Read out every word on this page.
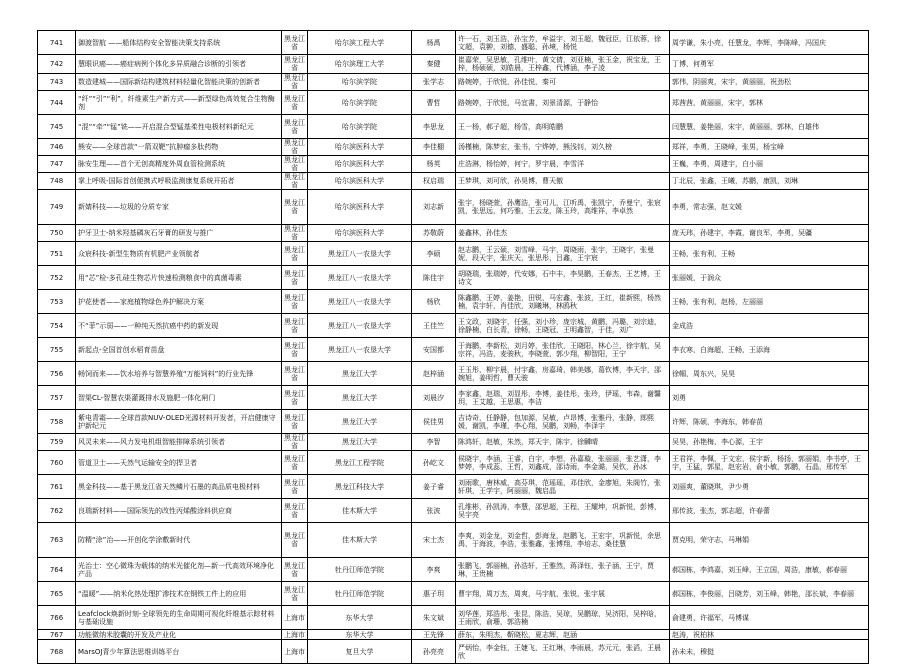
741	御渡智航 ——船体结构安全智能决策支持系统	黑龙江省	哈尔滨工程大学	杨禹	许一石，刘玉浩，孙宝芳，牟溢宇，刘玉超，魏冠臣，江依蓉，徐文超，袁翀，刘德，盛聪，孙境，杨悦	周学谦，朱小亮，任慧龙，李辉，李陈峰，冯国庆
742	慧眼识癌——癌症病例个体化多异质融合诊断的引领者	黑龙江省	哈尔滨理工大学	秦健	崔嘉荣，吴思敏，孔维叶，黄文倩，刘亚楠，张玉金，祝宝龙，王梓，杨硕硕，刘皓晨，王梓鑫，代博涵，李子凌	丁博，何勇军
743	数造建城——国际新结构建筑材料轻量化智能决策的创新者	黑龙江省	哈尔滨学院	张学志	路婉婷，于欣悦，孙佳悦，秦可	郭伟，阴丽爽，宋宇，黄丽丽，祝劲松
744	“纤”“引”“利”，纤维素生产新方式——新型绿色高效复合生物酶剂	黑龙江省	哈尔滨学院	曹哲	路婉婷，于欣悦，马宜書，刘景清源，于静怡	郑茜茜，黄丽丽，宋宇，郭林
745	“混”“牵”“锰”铣——开启混合型锰基柔性电极材料新纪元	黑龙江省	哈尔滨学院	李思龙	王一杨，郝子超，杨雪，高明皓鹏	闫慧慧，姜艳丽，宋宇，黄丽丽，郭林，白雄伟
746	熊安——全球首款“一箭双靶”抗肿瘤多肽药物	黑龙江省	哈尔滨医科大学	李佳棚	汤槿楠，陈梦宏，张书，宁烨婷，熊浅钊，刘久榜	郑祥，李勇，王晓峰，张男，杨宝峰
747	脉安生理——首个无创高精度外周血管检测系统	黑龙江省	哈尔滨医科大学	杨英	庄浩淋，杨怡婷，何宁，罗宇晨，李雪洋	王巍，李勇，周建宇，白小丽
748	掌上呼吸-国际首创便携式呼吸监测康复系统开拓者	黑龙江省	哈尔滨医科大学	权启瑞	王梦琪，刘可欣，孙昊博，曹天傲	丁北辰，张鑫，王曦，苏鹏，康凯，刘琳
749	新婧科技——垃圾的分质专家	黑龙江省	哈尔滨医科大学	刘志新	张宇，杨晓萱，孙鹰浩，张可儿，江听禹，张凯宁，乔曼宁，张宸凯，张思远，何巧雅，王云龙，陈玉玲，高维祥，李卓然	李勇，常志强，赵文媛
750	护牙卫士-纳米羟基磷灰石牙膏的研发与推广	黑龙江省	哈尔滨医科大学	苏敬蔚	姜鑫林，孙佳杰	庞天玮，孙建宇，李霞，谢良军，李勇，吴疆
751	众宸科技-新型生物质有机肥产业领航者	黑龙江省	黑龙江八一农垦大学	李硕	赵志鹏，王云硕，刘雪峰，马宇，周晓雨，张宇，王晓宇，张曼妮，段天宇，张庆天，张思彤，吕鑫，王宇宸	王畅，张有利，王畅
752	用“芯”检-多孔硅生物芯片快速检测粮食中的真菌毒素	黑龙江省	黑龙江八一农垦大学	陈佳宇	胡晓瑞，张瑞婷，代安娜，石中丰，李昊鹏，王春杰，王艺博，王诗文	张丽媛，于润众
753	护花使者——家庭植物绿色养护解决方案	黑龙江省	黑龙江八一农垦大学	杨欣	陈鑫鹏，王婷，姜艳，田锐，马宏鑫，张波，王红，崔新熙，杨然楠，袁宇轩，肖佳欣，刘曦琳，林鸥秋	王畅，张有利，赵杨，左丽丽
754	不“菲”示弱——一种纯天然抗癌中药的新发现	黑龙江省	黑龙江八一农垦大学	王佳竺	王文政，刘晓宇，任强，刘小珍，庞宗城，黄鹏，冯璐，刘宗迪，徐静楠，白长青，徐畅，王晓冠，王明鑫智，于佳，刘广	金成浩
755	新起点-全国首创水稻育苗盘	黑龙江省	黑龙江八一农垦大学	安国都	于海鹏，李新松，刘月婷，张佳欣，王晓阳，林心兰，徐宇航，吴宗祥，冯浩，麦骏秋，李晓萱，郭少翔，柳智阳，王宁	李衣寒，白海超，王畅，王添海
756	畅饲而来——饮水培养与智慧养殖“万能饲料”的行业先锋	黑龙江省	黑龙江大学	赵梓涵	王玉彤，柳宇晨，付宇鑫，房嘉琦，韩美娜，葛钦博，李天宇，邵婉旭，姜明哲，曹天骏	徐帼，周东兴，吴昊
757	智渠CL-智慧农渠灌溉排水及施肥一体化闸门	黑龙江省	黑龙江大学	刘晨汐	李家鑫，赵瑞，刘显彤，李博，姜佳彤，张玲，伊瑶，韦森，谢馨玥，王艾越，王思惠，李洁	刘勇
758	紫电青霜——全球首款NUV-OLED光源材料开发者，开启健康守护新纪元	黑龙江省	黑龙江大学	侯佳男	吉诗奇，任静静，包加源，吴敏，卢昂博，张雅丹，张静，郎熙媛，谢凯，李瑾，李心翔，吴鹏，刘畅，李泽宇	许辉，陈硕，李海东，韩春苗
759	风灵未来——风力发电机组智能排障系统引领者	黑龙江省	黑龙江大学	李智	陈鸿轩，赵敏，朱然，郑天宇，陈宇，徐麟晴	吴昊，孙艳梅，李心源，王宇
760	管道卫士——天然气运输安全的捍卫者	黑龙江省	黑龙江工程学院	孙屹文	侯晓宇，李涵，王睿，白宇，李想，孙嘉璇，张丽丽，张艺潇，李梦婷，李成蕊，王哲，刘鑫成，邵诗雨，李金澔，吴钦，孙冰	王君祥，李佩，于文宏，侯宇新，杨扬，郭丽娟，李书亭，王宇，王猛，郭星，赵宏岩，俞小敏，郭鹏，石晶，邢传军
761	黑金科技——基于黑龙江省天然鳞片石墨的高品质电极材料	黑龙江省	黑龙江科技大学	姜子睿	刘雨歌，唐林威，高芬琪，范瑶瑶，邓佳欣，金廖旭，朱阁竹，张轩琪，王学宇，阿丽丽，魏启晶	刘丽爽，董晓琪，尹少勇
762	良瑞新材料——国际领先的改性丙烯酸涂料供应商	黑龙江省	佳木斯大学	张波	孔维彬，孙凯涛，李慧，邵思超，王程，王耀坤，巩新悦，彭博，吴宇亮	邢传波，张杰，郭志超，许春蕾
763	防精“涂”治——开创化学涂敷新时代	黑龙江省	佳木斯大学	宋士杰	李爽，刘金龙，刘金哲，彭海龙，赵鹏飞，王宏宇，巩新悦，余思禹，于海波，李浩，张雅鑫，张博翔，李培志，桑佳慧	贾克明，荣守志，马琳娟
764	光治士：空心微珠为载体的纳米光催化剂—新一代高效环境净化产品	黑龙江省	牡丹江师范学院	李爽	张鹏飞，郭丽楠，孙浩轩，王雅然，蒋泽钰，张子涵，王宁，贾琳，王贵楠	郝国栋，李鸿嘉，刘玉峰，王立国，周浩，康敏，郝春丽
765	“温暖”——纳米化热处理扩渗技术在钢铁工件上的应用	黑龙江省	牡丹江师范学院	惠子玥	曹宇翔，周万杰，周爽，马宇航，张锐，张宇展	郝国栋，李俊丽，吕晓芳，刘玉峰，韩艳，邵长斌，李春丽
766	Leafclock焕新时刻-全球领先的生命周期可视化纤维基示踪材料与基础设施	上海市	东华大学	朱文斌	刘华莲，郑浩彤，张昆，陈浩，吴琼，吴鹏琼，吴济阳，吴梓晗，王雨欣，俞珊，郭浩楠	俞建勇，许福军，马博谋
767	功能微纳米胶囊的开发及产业化	上海市	东华大学	王先锋	薛东，朱明杰，靳晓松，夏志辉，赵涵	赵涛，祝柏林
768	MarsOJ青少年算法思维训练平台	上海市	复旦大学	孙亮亮	严炳怡，李金钰，王婕飞，王红琳，李雨晨，苏元元，张滔，王晨欣	孙未未，穆挺
